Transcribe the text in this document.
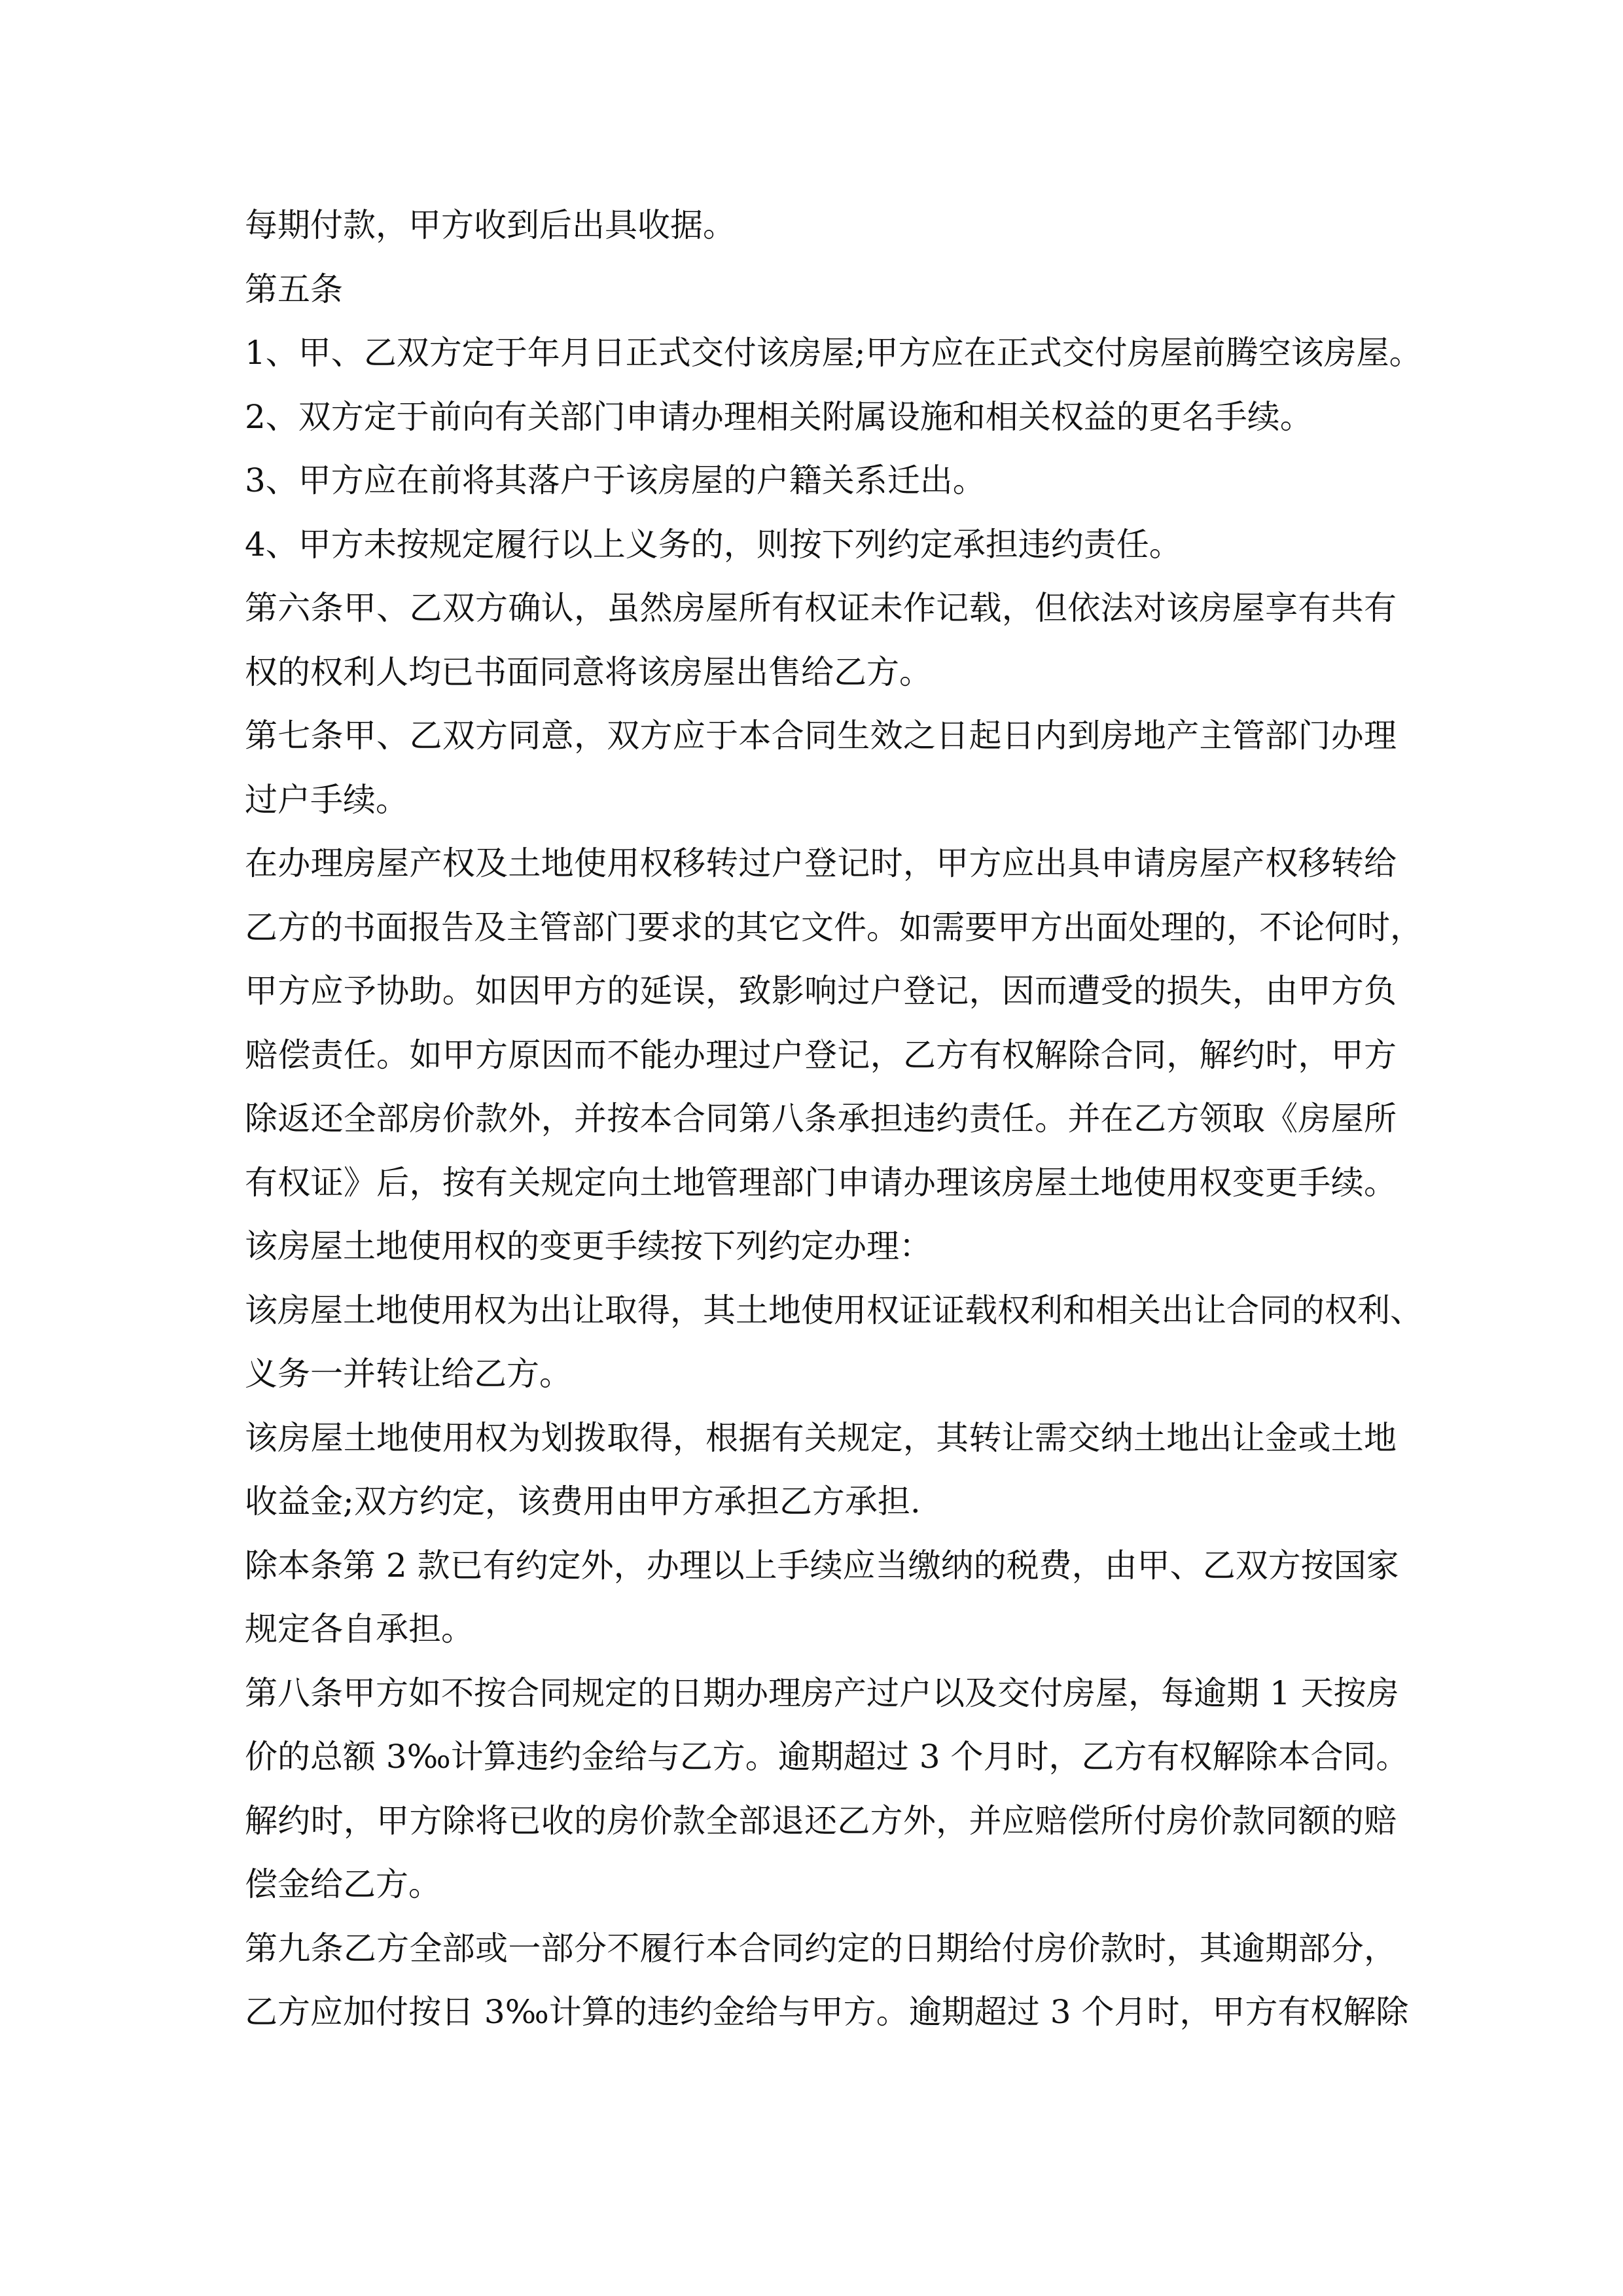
每期付款，甲方收到后出具收据。
第五条
1、甲、乙双方定于年月日正式交付该房屋;甲方应在正式交付房屋前腾空该房屋。
2、双方定于前向有关部门申请办理相关附属设施和相关权益的更名手续。
3、甲方应在前将其落户于该房屋的户籍关系迁出。
4、甲方未按规定履行以上义务的，则按下列约定承担违约责任。
第六条甲、乙双方确认，虽然房屋所有权证未作记载，但依法对该房屋享有共有
权的权利人均已书面同意将该房屋出售给乙方。
第七条甲、乙双方同意，双方应于本合同生效之日起日内到房地产主管部门办理
过户手续。
在办理房屋产权及土地使用权移转过户登记时，甲方应出具申请房屋产权移转给
乙方的书面报告及主管部门要求的其它文件。如需要甲方出面处理的，不论何时，
甲方应予协助。如因甲方的延误，致影响过户登记，因而遭受的损失，由甲方负
赔偿责任。如甲方原因而不能办理过户登记，乙方有权解除合同，解约时，甲方
除返还全部房价款外，并按本合同第八条承担违约责任。并在乙方领取《房屋所
有权证》后，按有关规定向土地管理部门申请办理该房屋土地使用权变更手续。
该房屋土地使用权的变更手续按下列约定办理：
该房屋土地使用权为出让取得，其土地使用权证证载权利和相关出让合同的权利、
义务一并转让给乙方。
该房屋土地使用权为划拨取得，根据有关规定，其转让需交纳土地出让金或土地
收益金;双方约定，该费用由甲方承担乙方承担.
除本条第 2 款已有约定外，办理以上手续应当缴纳的税费，由甲、乙双方按国家
规定各自承担。
第八条甲方如不按合同规定的日期办理房产过户以及交付房屋，每逾期 1 天按房
价的总额 3‰计算违约金给与乙方。逾期超过 3 个月时，乙方有权解除本合同。
解约时，甲方除将已收的房价款全部退还乙方外，并应赔偿所付房价款同额的赔
偿金给乙方。
第九条乙方全部或一部分不履行本合同约定的日期给付房价款时，其逾期部分，
乙方应加付按日 3‰计算的违约金给与甲方。逾期超过 3 个月时，甲方有权解除
